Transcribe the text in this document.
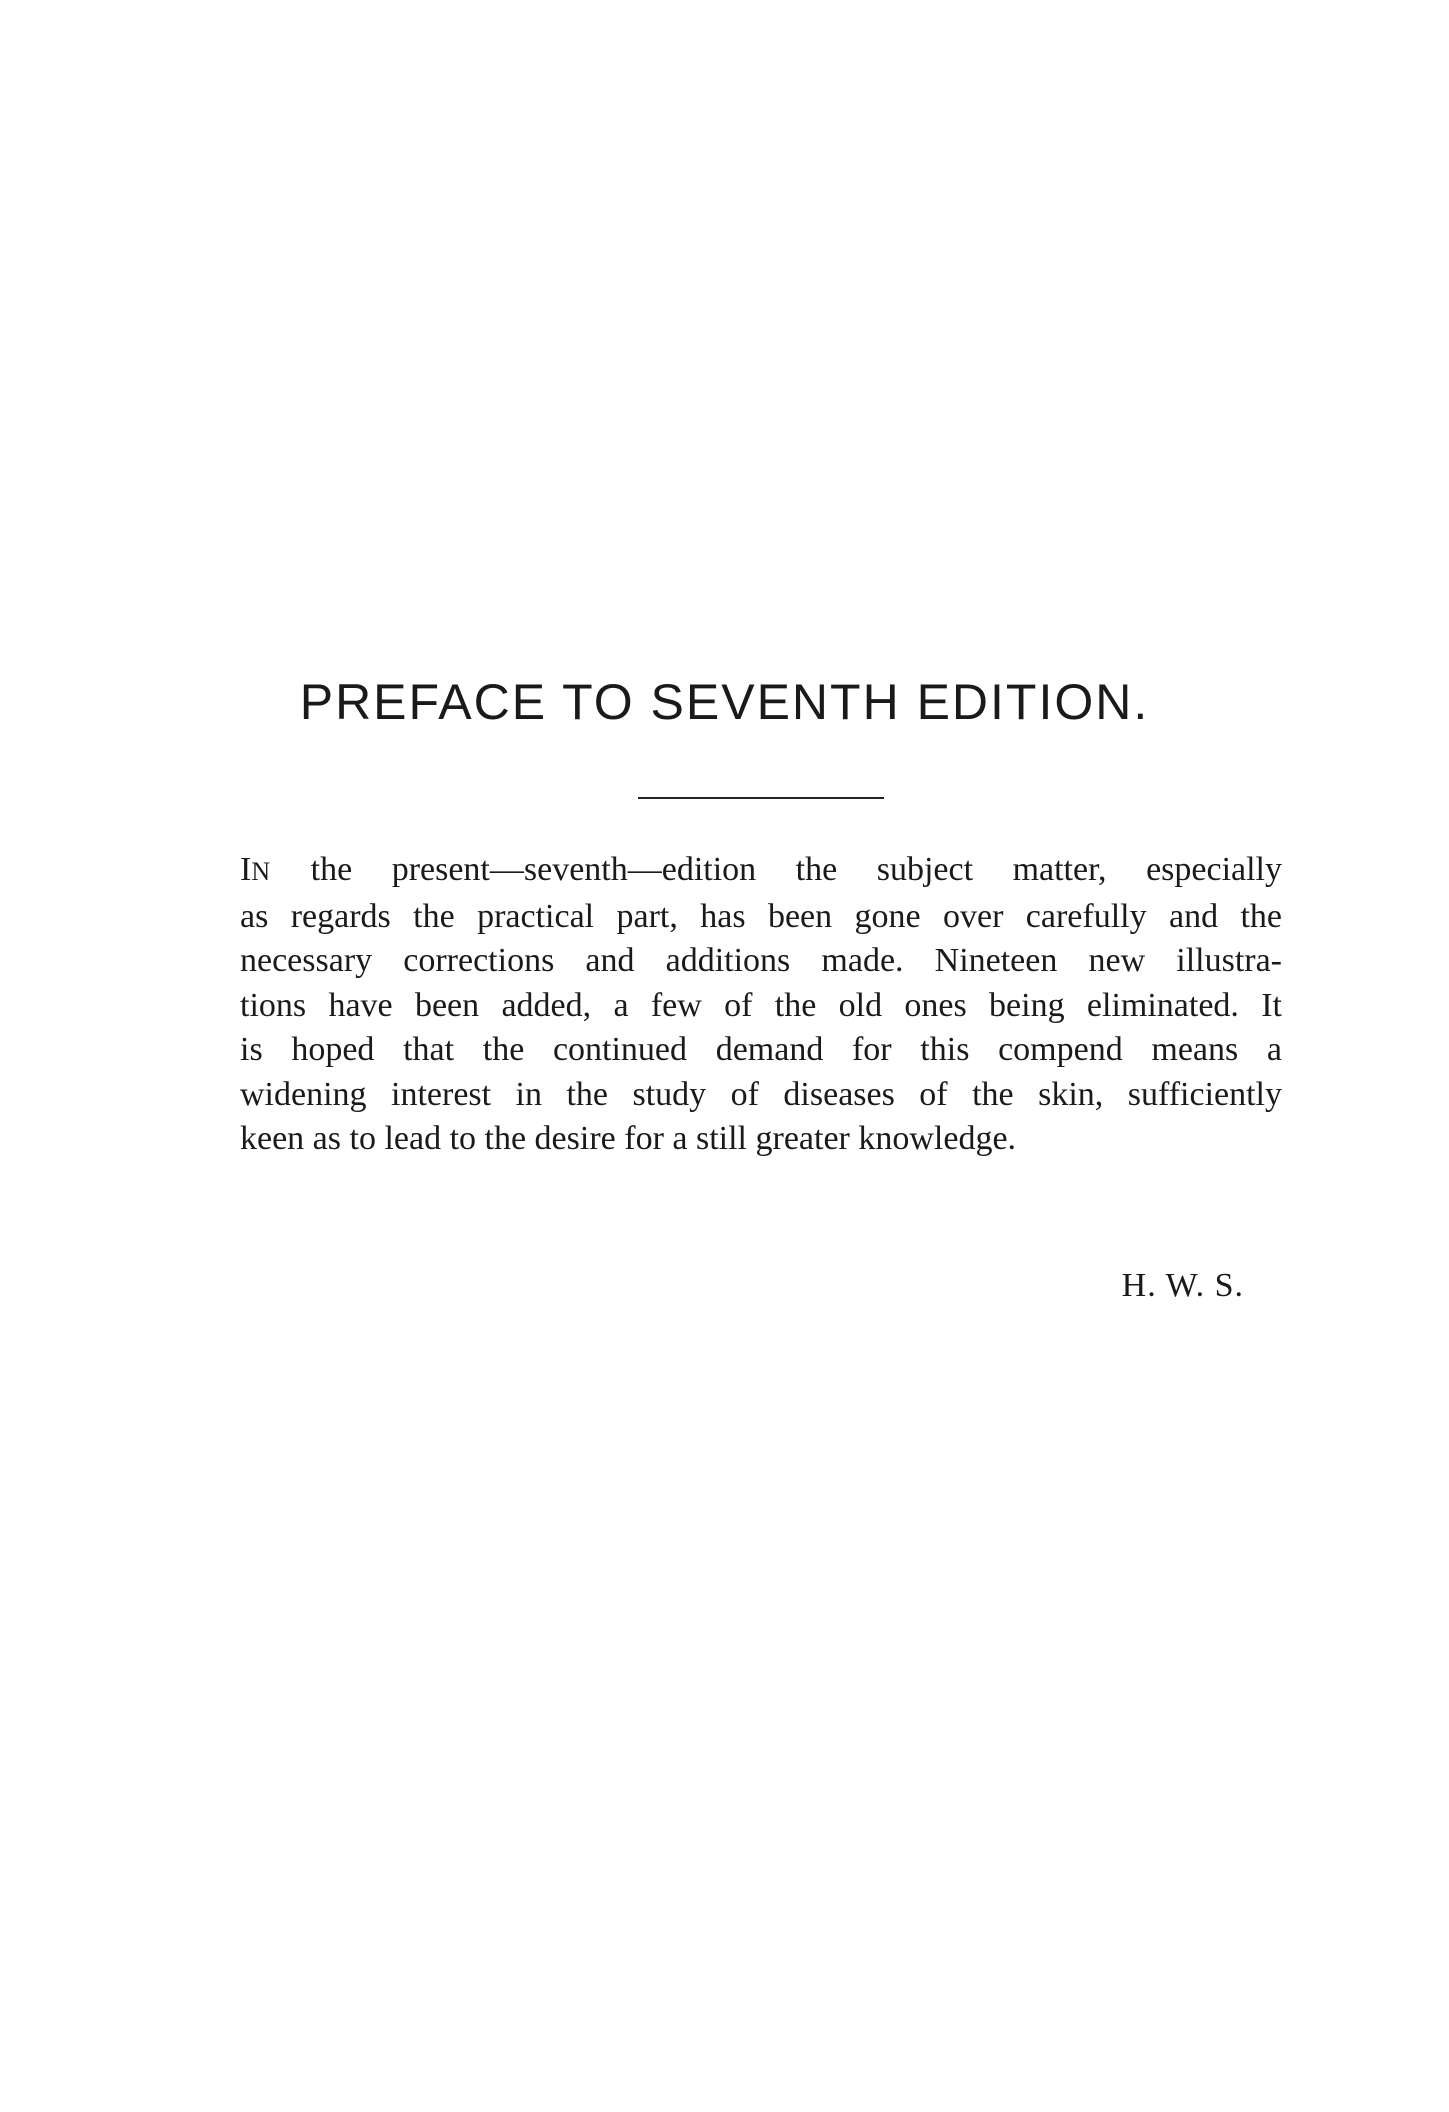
PREFACE TO SEVENTH EDITION.
IN the present—seventh—edition the subject matter, especially
as regards the practical part, has been gone over carefully and the
necessary corrections and additions made. Nineteen new illustra-
tions have been added, a few of the old ones being eliminated. It
is hoped that the continued demand for this compend means a
widening interest in the study of diseases of the skin, sufficiently
keen as to lead to the desire for a still greater knowledge.

H. W. S.
